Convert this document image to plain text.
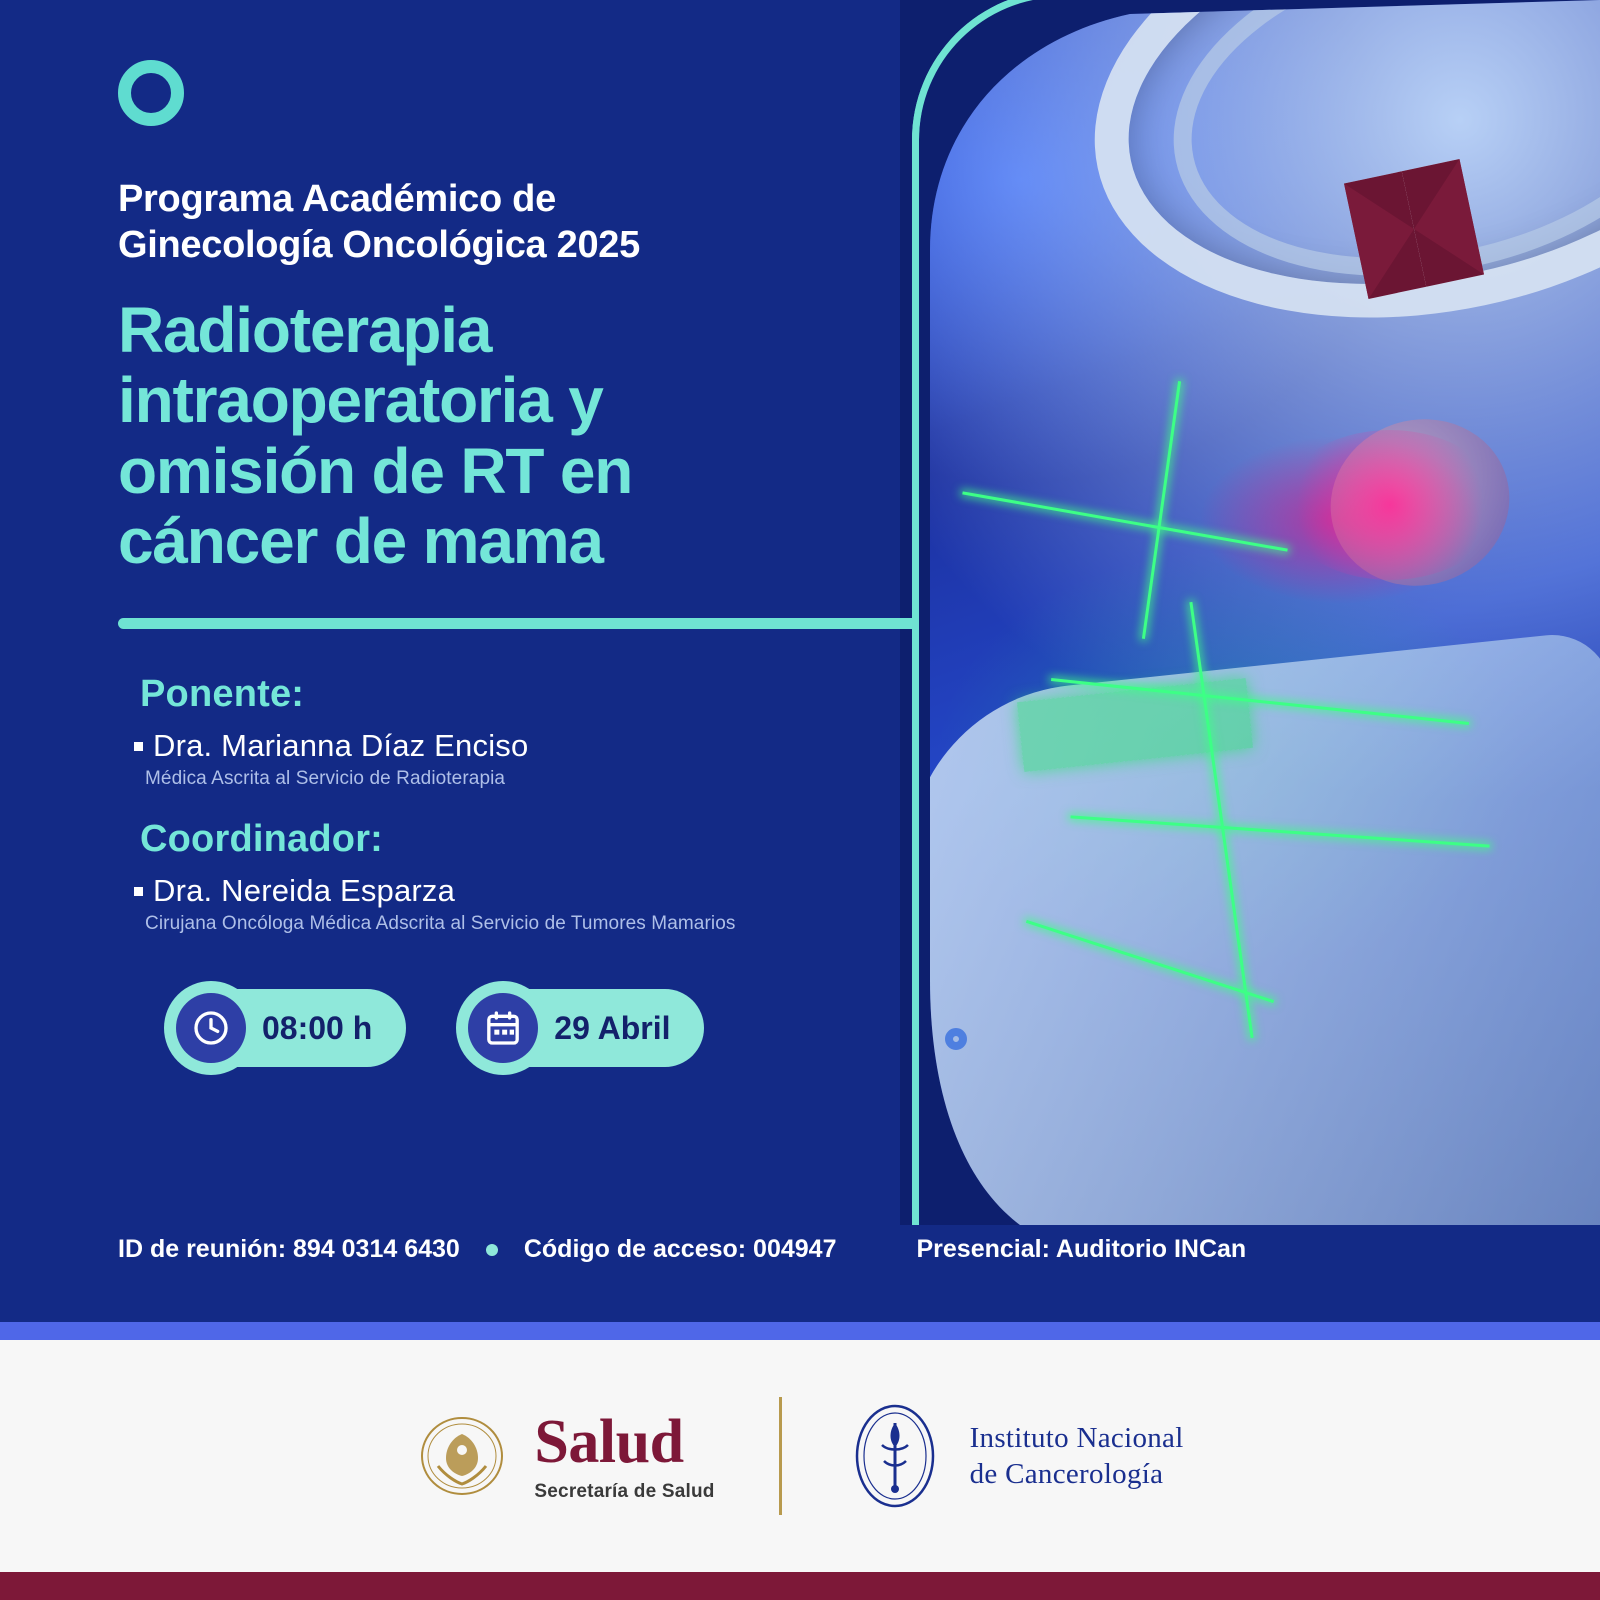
Programa Académico de
Ginecología Oncológica 2025
Radioterapia intraoperatoria y omisión de RT en cáncer de mama
Ponente:
Dra. Marianna Díaz Enciso
Médica Ascrita al Servicio de Radioterapia
Coordinador:
Dra. Nereida Esparza
Cirujana Oncóloga Médica Adscrita al Servicio de Tumores Mamarios
08:00 h	29 Abril
ID de reunión: 894 0314 6430	Código de acceso: 004947	Presencial: Auditorio INCan
Salud
Secretaría de Salud
Instituto Nacional
de Cancerología
